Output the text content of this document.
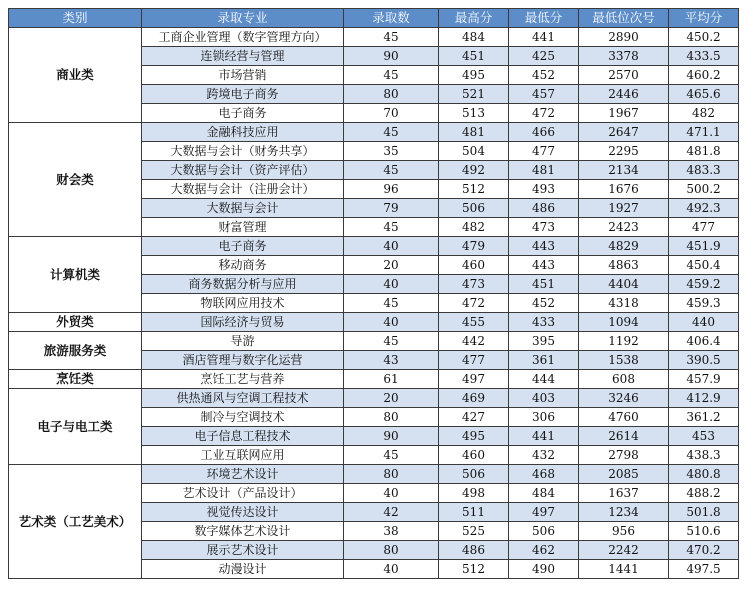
类别	录取专业	录取数	最高分	最低分	最低位次号	平均分
商业类	工商企业管理（数字管理方向）	45	484	441	2890	450.2
	连锁经营与管理	90	451	425	3378	433.5
	市场营销	45	495	452	2570	460.2
	跨境电子商务	80	521	457	2446	465.6
	电子商务	70	513	472	1967	482
财会类	金融科技应用	45	481	466	2647	471.1
	大数据与会计（财务共享）	35	504	477	2295	481.8
	大数据与会计（资产评估）	45	492	481	2134	483.3
	大数据与会计（注册会计）	96	512	493	1676	500.2
	大数据与会计	79	506	486	1927	492.3
	财富管理	45	482	473	2423	477
计算机类	电子商务	40	479	443	4829	451.9
	移动商务	20	460	443	4863	450.4
	商务数据分析与应用	40	473	451	4404	459.2
	物联网应用技术	45	472	452	4318	459.3
外贸类	国际经济与贸易	40	455	433	1094	440
旅游服务类	导游	45	442	395	1192	406.4
	酒店管理与数字化运营	43	477	361	1538	390.5
烹饪类	烹饪工艺与营养	61	497	444	608	457.9
电子与电工类	供热通风与空调工程技术	20	469	403	3246	412.9
	制冷与空调技术	80	427	306	4760	361.2
	电子信息工程技术	90	495	441	2614	453
	工业互联网应用	45	460	432	2798	438.3
艺术类（工艺美术）	环境艺术设计	80	506	468	2085	480.8
	艺术设计（产品设计）	40	498	484	1637	488.2
	视觉传达设计	42	511	497	1234	501.8
	数字媒体艺术设计	38	525	506	956	510.6
	展示艺术设计	80	486	462	2242	470.2
	动漫设计	40	512	490	1441	497.5
